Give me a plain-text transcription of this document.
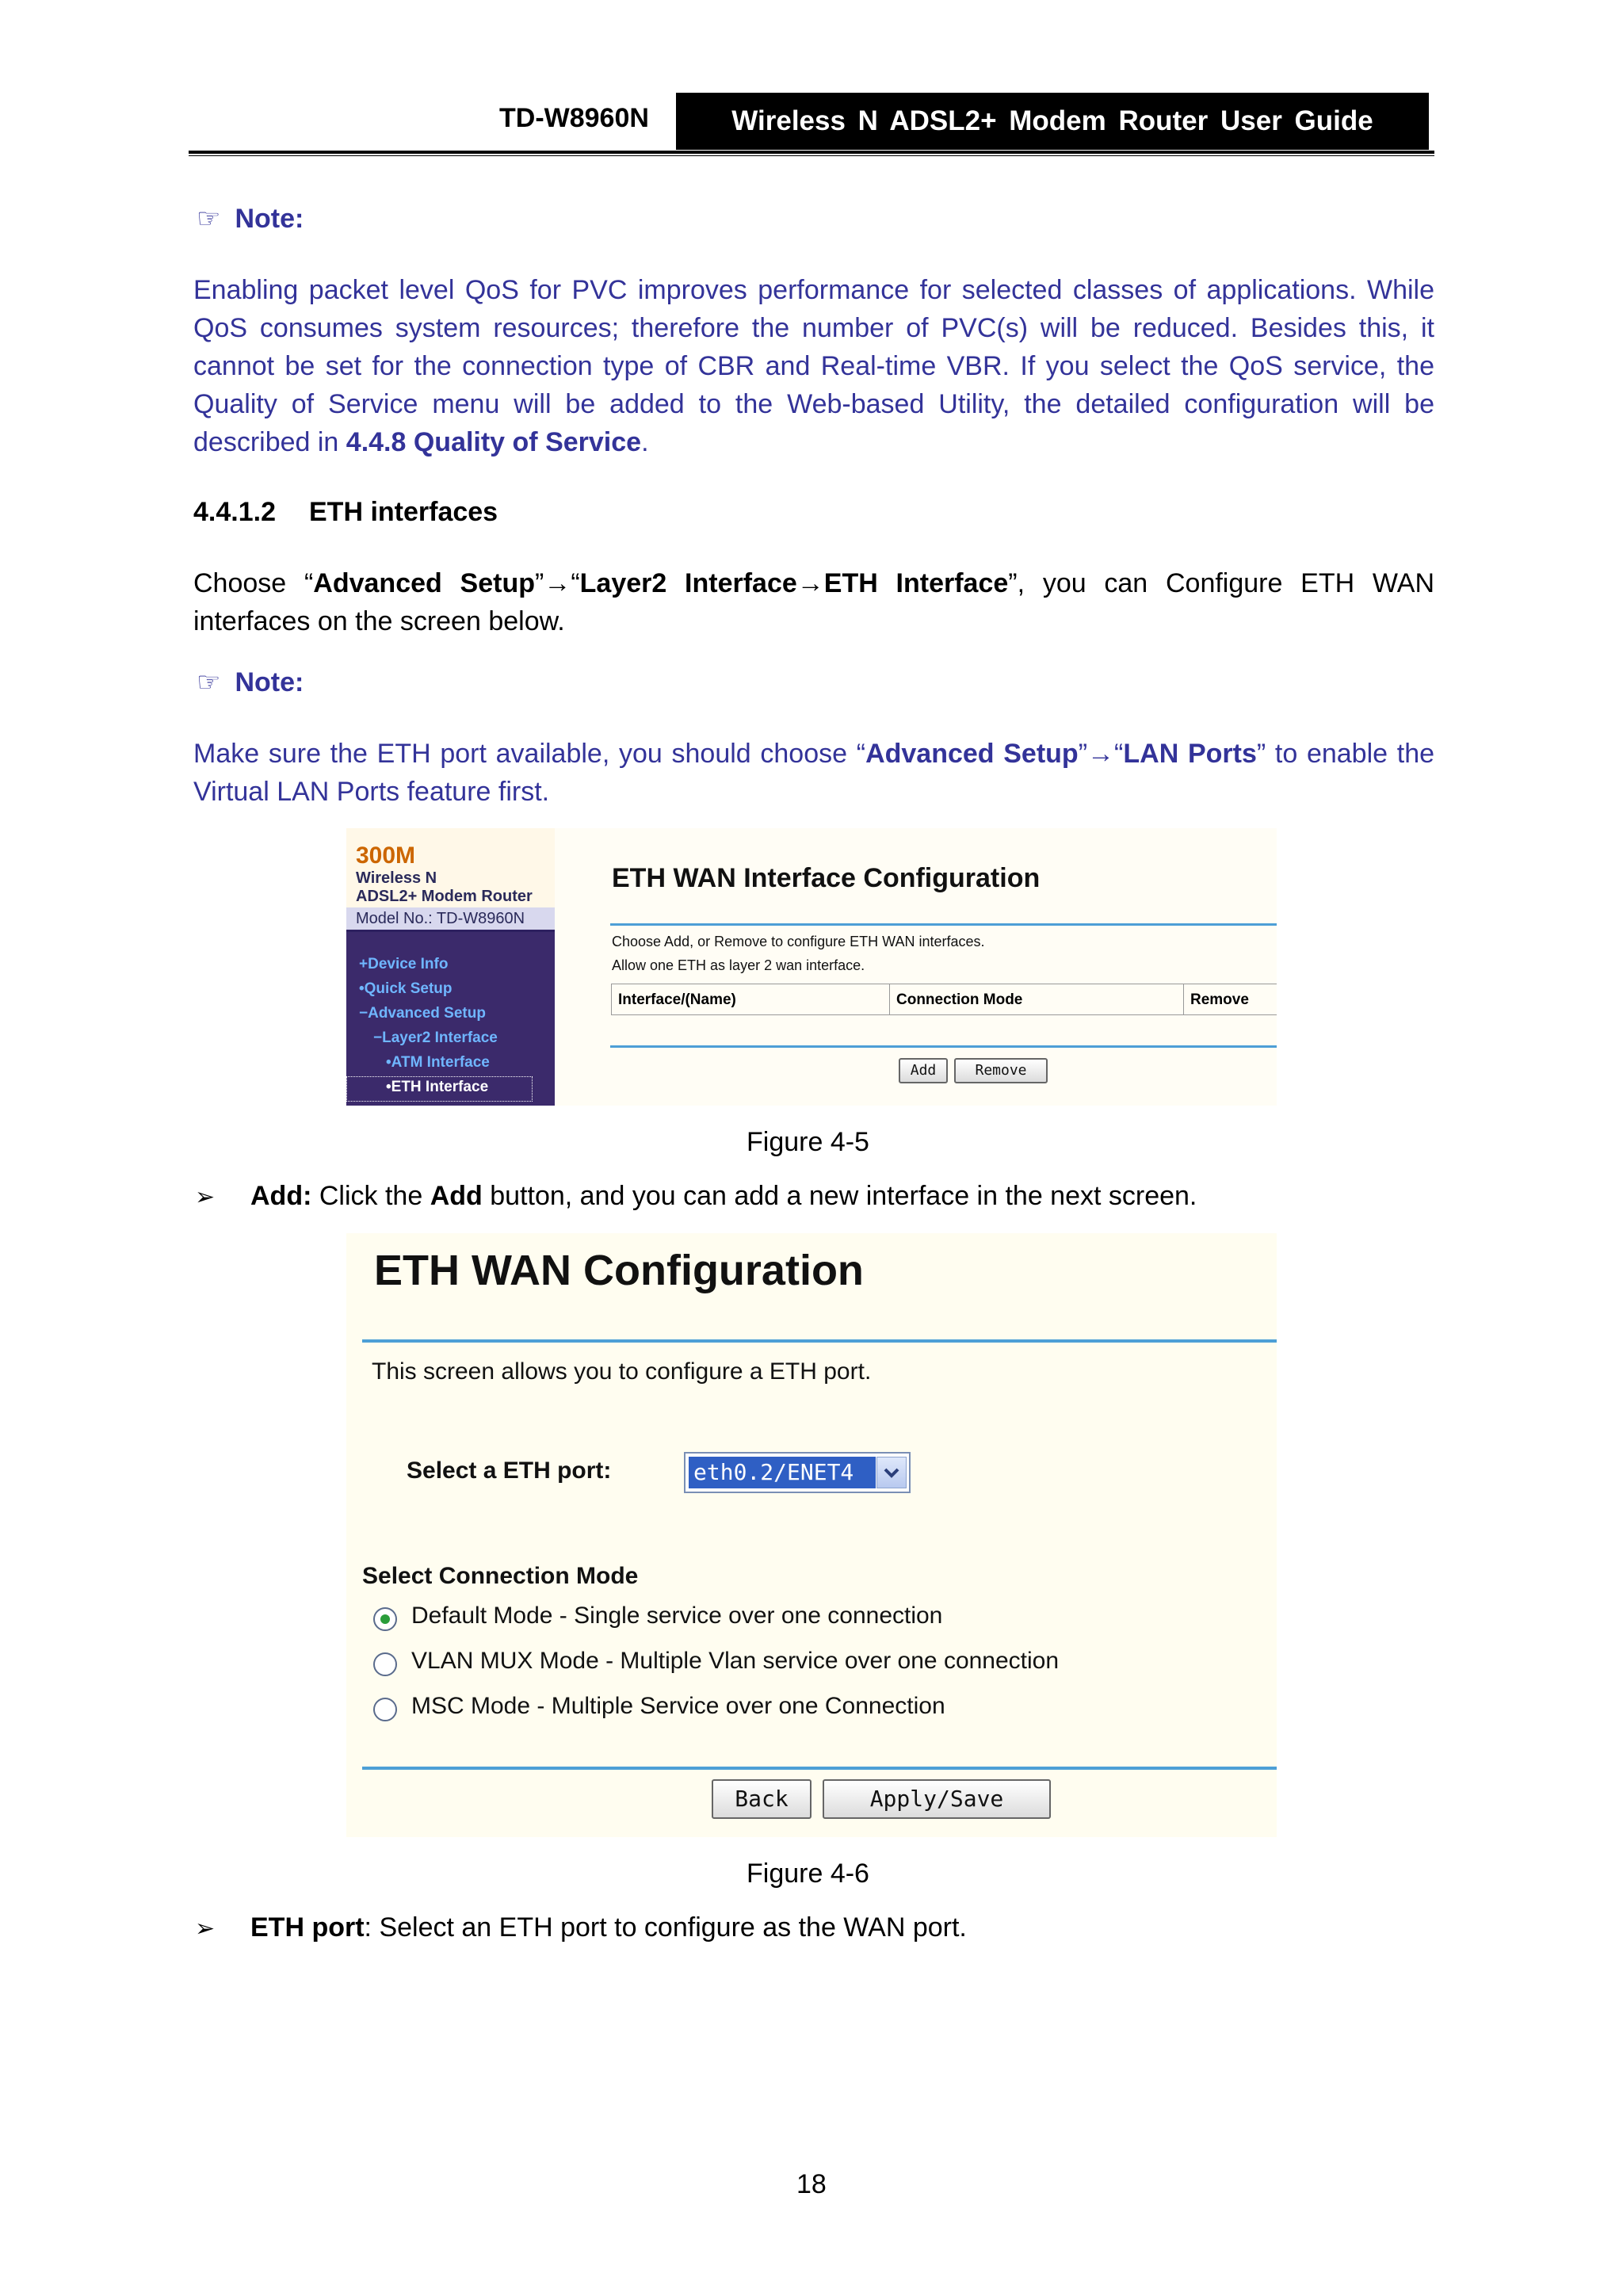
TD-W8960N	Wireless N ADSL2+ Modem Router User Guide
☞ Note:
Enabling packet level QoS for PVC improves performance for selected classes of applications. While QoS consumes system resources; therefore the number of PVC(s) will be reduced. Besides this, it cannot be set for the connection type of CBR and Real-time VBR. If you select the QoS service, the Quality of Service menu will be added to the Web-based Utility, the detailed configuration will be described in 4.4.8 Quality of Service.
4.4.1.2 ETH interfaces
Choose “Advanced Setup”→“Layer2 Interface→ETH Interface”, you can Configure ETH WAN interfaces on the screen below.
☞ Note:
Make sure the ETH port available, you should choose “Advanced Setup”→“LAN Ports” to enable the Virtual LAN Ports feature first.
300M
Wireless N
ADSL2+ Modem Router
Model No.: TD-W8960N
+Device Info
•Quick Setup
−Advanced Setup
−Layer2 Interface
•ATM Interface
•ETH Interface
ETH WAN Interface Configuration
Choose Add, or Remove to configure ETH WAN interfaces.
Allow one ETH as layer 2 wan interface.
Interface/(Name)	Connection Mode	Remove
Add	Remove
Figure 4-5
➢ Add: Click the Add button, and you can add a new interface in the next screen.
ETH WAN Configuration
This screen allows you to configure a ETH port.
Select a ETH port:	eth0.2/ENET4
Select Connection Mode
Default Mode - Single service over one connection
VLAN MUX Mode - Multiple Vlan service over one connection
MSC Mode - Multiple Service over one Connection
Back	Apply/Save
Figure 4-6
➢ ETH port: Select an ETH port to configure as the WAN port.
18
